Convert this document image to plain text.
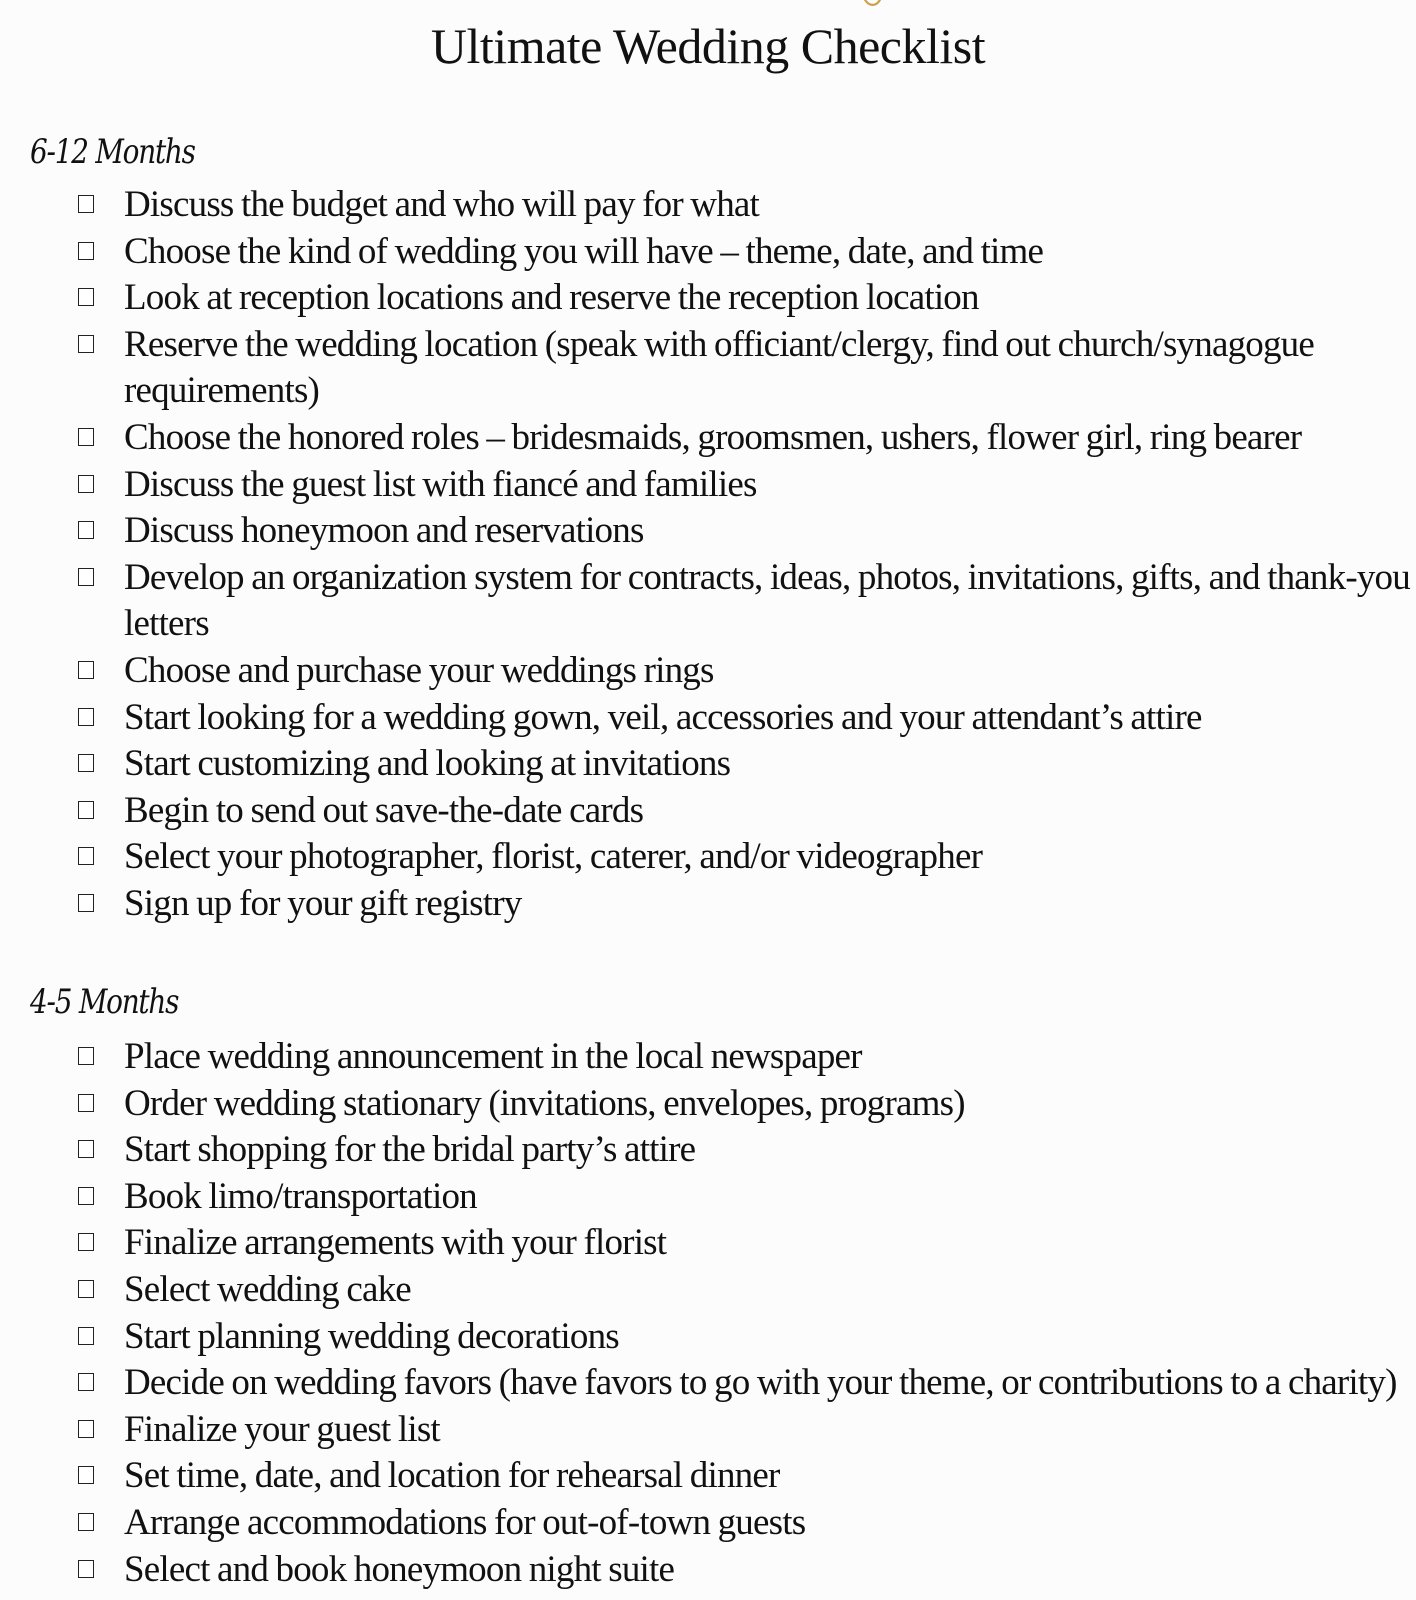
Ultimate Wedding Checklist
6-12 Months
Discuss the budget and who will pay for what
Choose the kind of wedding you will have – theme, date, and time
Look at reception locations and reserve the reception location
Reserve the wedding location (speak with officiant/clergy, find out church/synagogue requirements)
Choose the honored roles – bridesmaids, groomsmen, ushers, flower girl, ring bearer
Discuss the guest list with fiancé and families
Discuss honeymoon and reservations
Develop an organization system for contracts, ideas, photos, invitations, gifts, and thank-you letters
Choose and purchase your weddings rings
Start looking for a wedding gown, veil, accessories and your attendant’s attire
Start customizing and looking at invitations
Begin to send out save-the-date cards
Select your photographer, florist, caterer, and/or videographer
Sign up for your gift registry
4-5 Months
Place wedding announcement in the local newspaper
Order wedding stationary (invitations, envelopes, programs)
Start shopping for the bridal party’s attire
Book limo/transportation
Finalize arrangements with your florist
Select wedding cake
Start planning wedding decorations
Decide on wedding favors (have favors to go with your theme, or contributions to a charity)
Finalize your guest list
Set time, date, and location for rehearsal dinner
Arrange accommodations for out-of-town guests
Select and book honeymoon night suite
